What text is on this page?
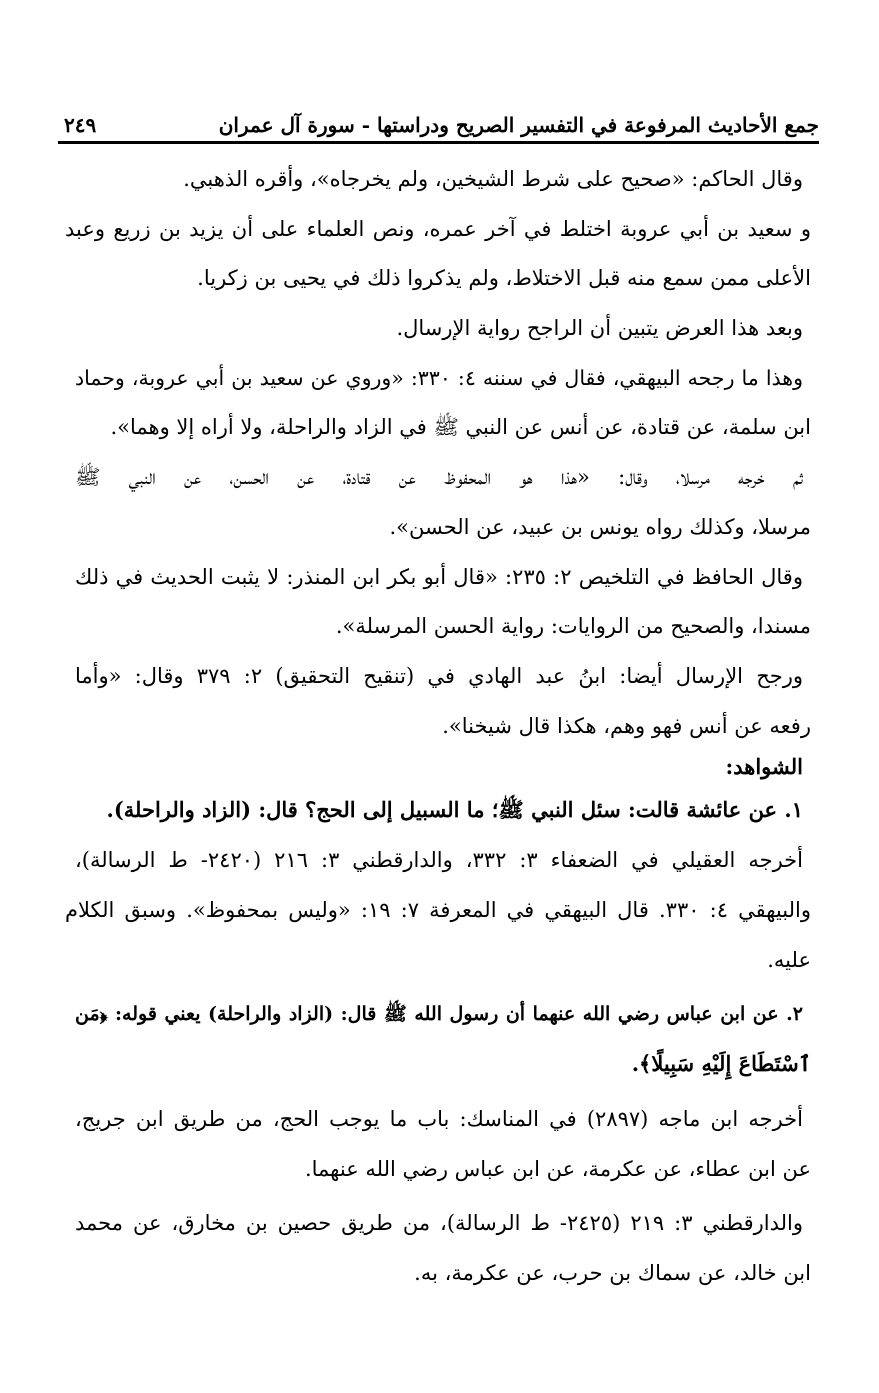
جمع الأحاديث المرفوعة في التفسير الصريح ودراستها - سورة آل عمران
٢٤٩
وقال الحاكم: «صحيح على شرط الشيخين، ولم يخرجاه»، وأقره الذهبي.
و سعيد بن أبي عروبة اختلط في آخر عمره، ونص العلماء على أن يزيد بن زريع وعبد
الأعلى ممن سمع منه قبل الاختلاط، ولم يذكروا ذلك في يحيى بن زكريا.
وبعد هذا العرض يتبين أن الراجح رواية الإرسال.
وهذا ما رجحه البيهقي، فقال في سننه ٤: ٣٣٠: «وروي عن سعيد بن أبي عروبة، وحماد
ابن سلمة، عن قتادة، عن أنس عن النبي ﷺ في الزاد والراحلة، ولا أراه إلا وهما».
ثم خرجه مرسلا، وقال: «هذا هو المحفوظ عن قتادة، عن الحسن، عن النبي ﷺ
مرسلا، وكذلك رواه يونس بن عبيد، عن الحسن».
وقال الحافظ في التلخيص ٢: ٢٣٥: «قال أبو بكر ابن المنذر: لا يثبت الحديث في ذلك
مسندا، والصحيح من الروايات: رواية الحسن المرسلة».
ورجح الإرسال أيضا: ابنُ عبد الهادي في (تنقيح التحقيق) ٢: ٣٧٩ وقال: «وأما
رفعه عن أنس فهو وهم، هكذا قال شيخنا».
الشواهد:
١. عن عائشة قالت: سئل النبي ﷺ؛ ما السبيل إلى الحج؟ قال: (الزاد والراحلة).
أخرجه العقيلي في الضعفاء ٣: ٣٣٢، والدارقطني ٣: ٢١٦ (٢٤٢٠- ط الرسالة)،
والبيهقي ٤: ٣٣٠. قال البيهقي في المعرفة ٧: ١٩: «وليس بمحفوظ». وسبق الكلام
عليه.
٢. عن ابن عباس رضي الله عنهما أن رسول الله ﷺ قال: (الزاد والراحلة) يعني قوله: ﴿مَن
ٱسْتَطَاعَ إِلَيْهِ سَبِيلًا﴾.
أخرجه ابن ماجه (٢٨٩٧) في المناسك: باب ما يوجب الحج، من طريق ابن جريج،
عن ابن عطاء، عن عكرمة، عن ابن عباس رضي الله عنهما.
والدارقطني ٣: ٢١٩ (٢٤٢٥- ط الرسالة)، من طريق حصين بن مخارق، عن محمد
ابن خالد، عن سماك بن حرب، عن عكرمة، به.
